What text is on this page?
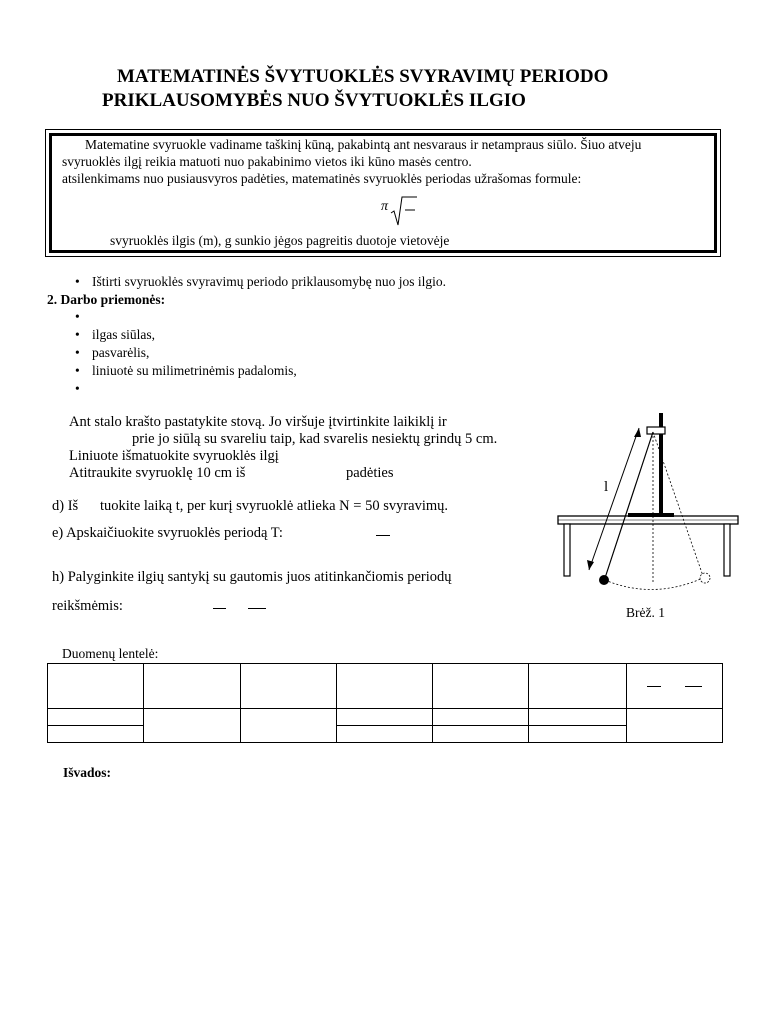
MATEMATINĖS ŠVYTUOKLĖS SVYRAVIMŲ PERIODO
PRIKLAUSOMYBĖS NUO ŠVYTUOKLĖS ILGIO
Matematine svyruokle vadiname taškinį kūną, pakabintą ant nesvaraus ir netampraus siūlo. Šiuo atveju
svyruoklės ilgį reikia matuoti nuo pakabinimo vietos iki kūno masės centro.
atsilenkimams nuo pusiausvyros padėties, matematinės svyruoklės periodas užrašomas formule:
π
svyruoklės ilgis (m), g sunkio jėgos pagreitis duotoje vietovėje
• Ištirti svyruoklės svyravimų periodo priklausomybę nuo jos ilgio.
2. Darbo priemonės:
• ilgas siūlas,
• pasvarėlis,
• liniuotė su milimetrinėmis padalomis,
Ant stalo krašto pastatykite stovą. Jo viršuje įtvirtinkite laikiklį ir
prie jo siūlą su svareliu taip, kad svarelis nesiektų grindų 5 cm.
Liniuote išmatuokite svyruoklės ilgį
Atitraukite svyruoklę 10 cm iš	padėties
d) Iš tuokite laiką t, per kurį svyruoklė atlieka N = 50 svyravimų.
e) Apskaičiuokite svyruoklės periodą T:
h) Palyginkite ilgių santykį su gautomis juos atitinkančiomis periodų
reikšmėmis:
l
Brėž. 1
Duomenų lentelė:

Išvados:
